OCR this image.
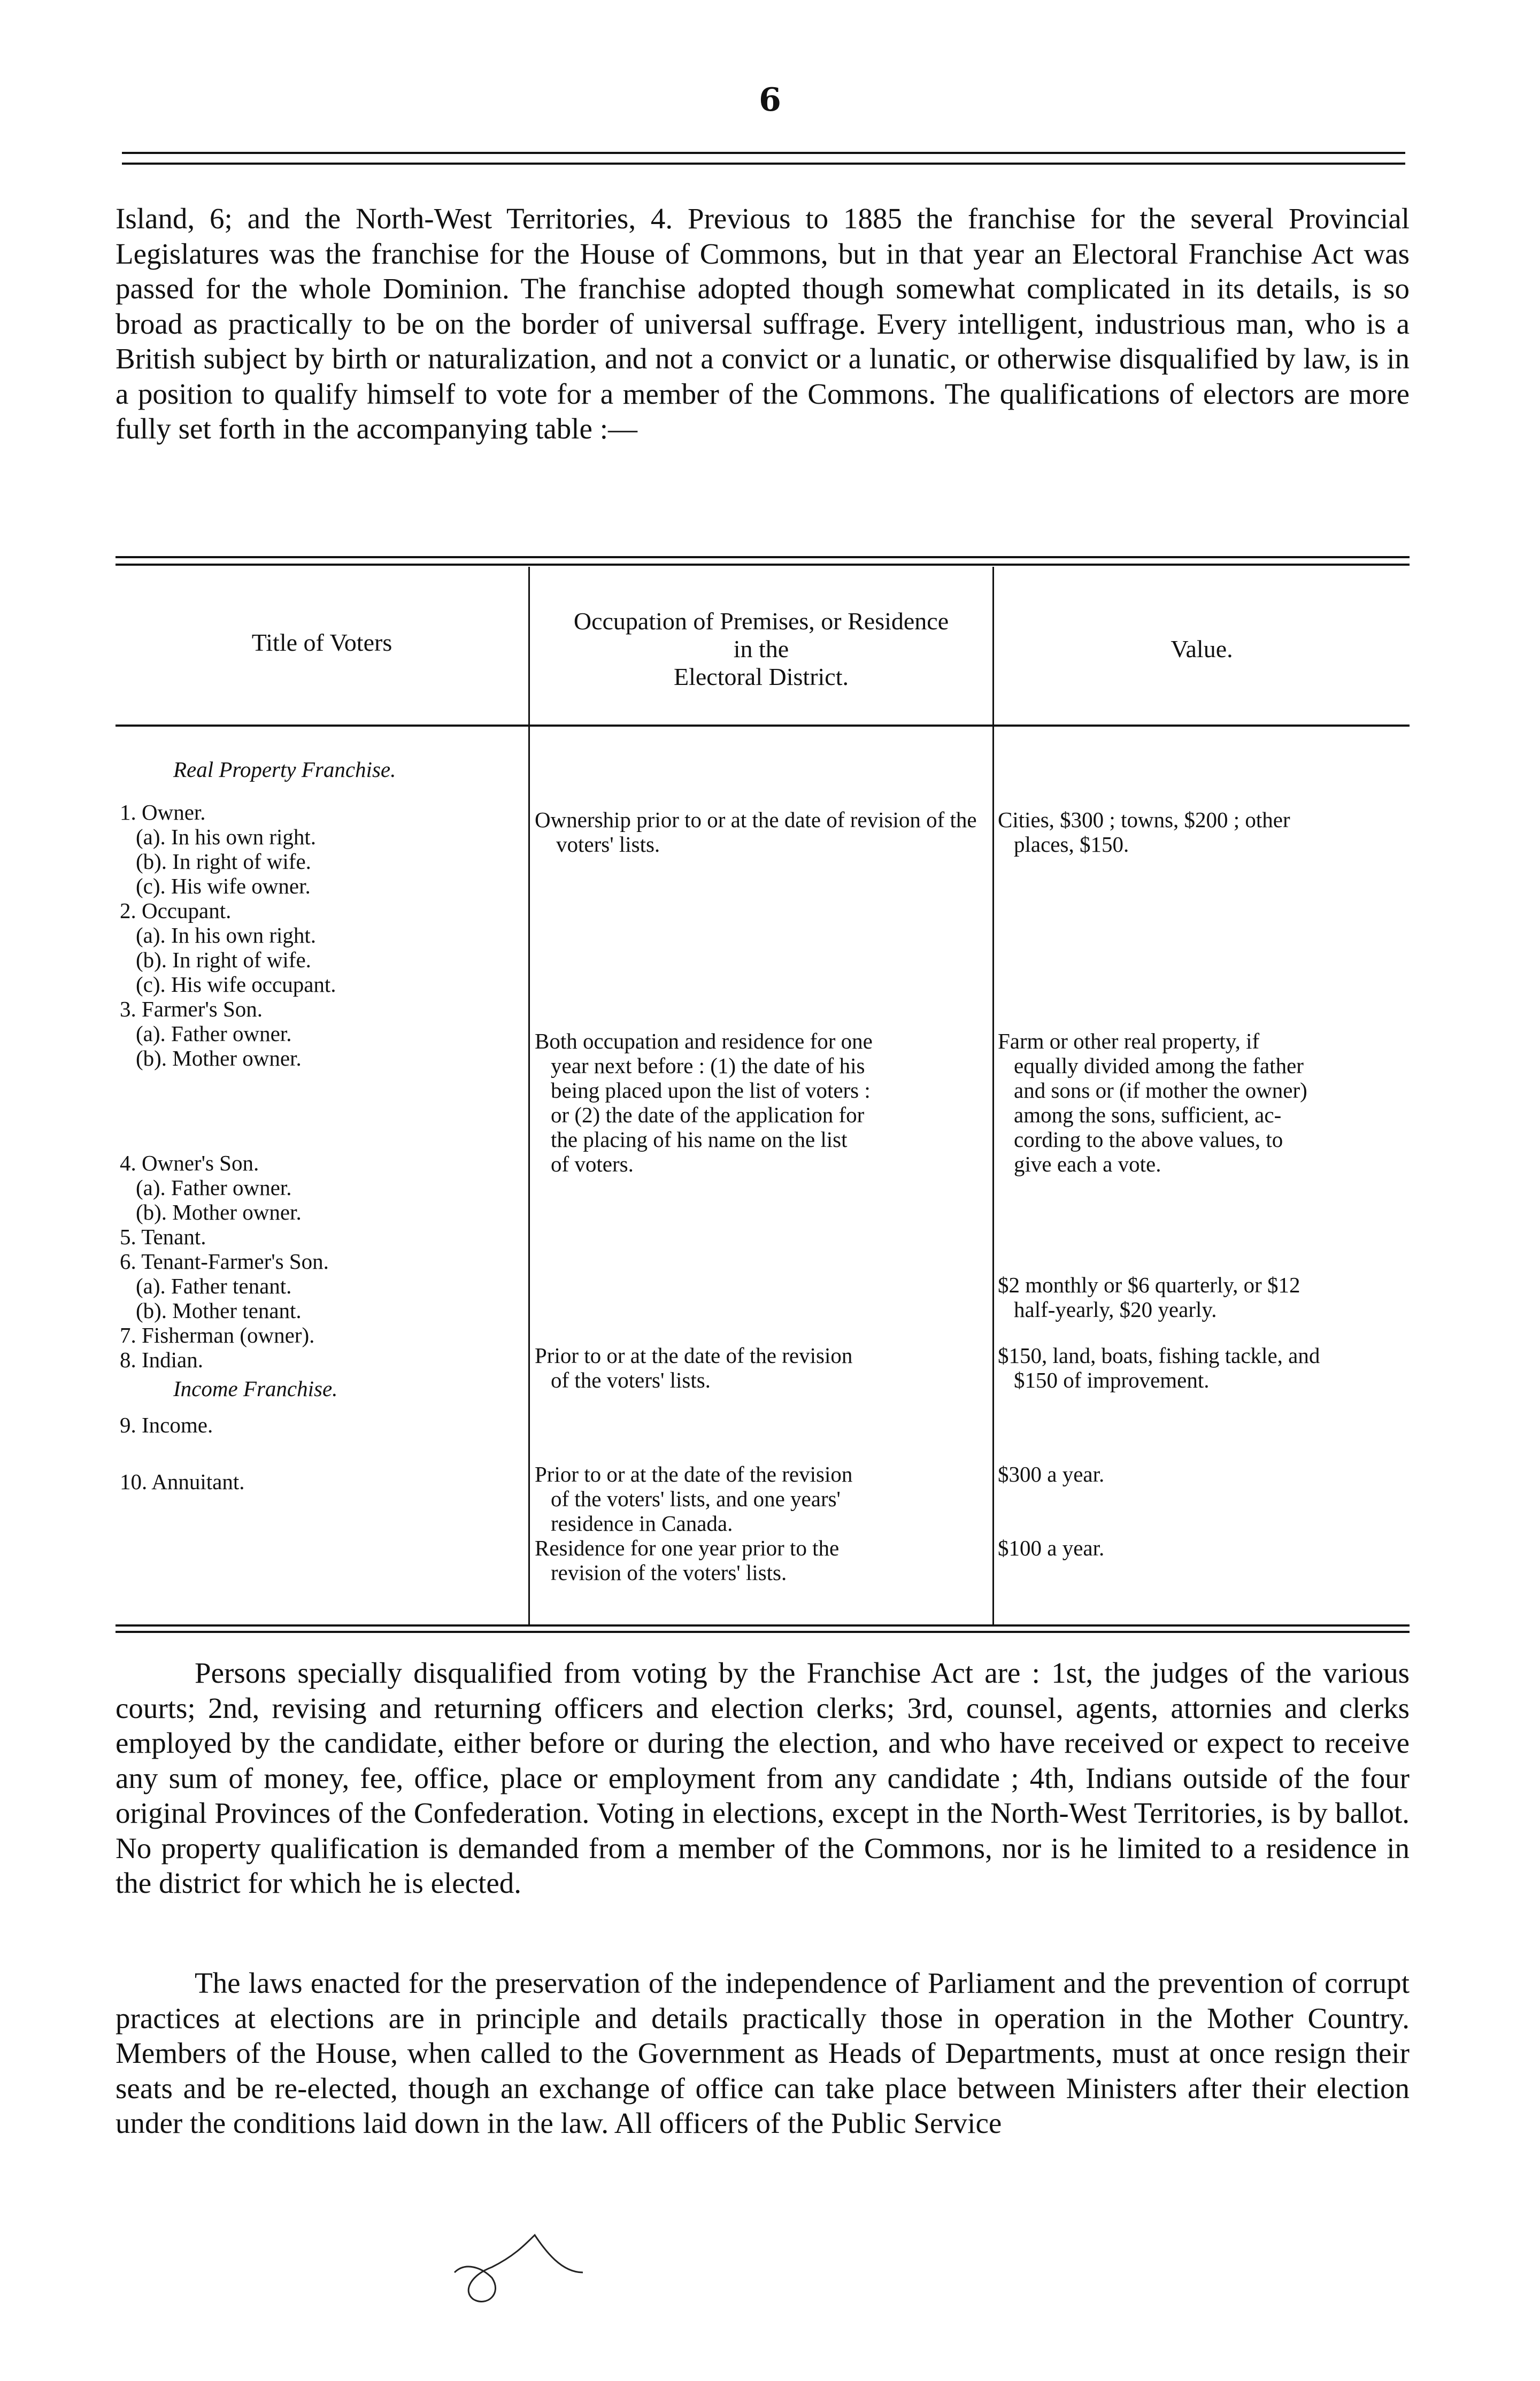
6

Island, 6; and the North-West Territories, 4. Previous to 1885 the franchise for the several Provincial Legislatures was the franchise for the House of Commons, but in that year an Electoral Franchise Act was passed for the whole Dominion. The franchise adopted though somewhat complicated in its details, is so broad as practically to be on the border of universal suffrage. Every intelligent, industrious man, who is a British subject by birth or naturalization, and not a convict or a lunatic, or otherwise disqualified by law, is in a position to qualify himself to vote for a member of the Commons. The qualifications of electors are more fully set forth in the accompanying table :—

Title of Voters
Occupation of Premises, or Residence
in the
Electoral District.
Value.
Real Property Franchise.
1. Owner.
(a). In his own right.
(b). In right of wife.
(c). His wife owner.
2. Occupant.
(a). In his own right.
(b). In right of wife.
(c). His wife occupant.
3. Farmer's Son.
(a). Father owner.
(b). Mother owner.
4. Owner's Son.
(a). Father owner.
(b). Mother owner.
5. Tenant.
6. Tenant-Farmer's Son.
(a). Father tenant.
(b). Mother tenant.
7. Fisherman (owner).
8. Indian.
Income Franchise.
9. Income.
10. Annuitant.
Ownership prior to or at the date of revision of the voters' lists.
Both occupation and residence for one
year next before : (1) the date of his
being placed upon the list of voters :
or (2) the date of the application for
the placing of his name on the list
of voters.
Prior to or at the date of the revision
of the voters' lists.
Prior to or at the date of the revision
of the voters' lists, and one years'
residence in Canada.
Residence for one year prior to the
revision of the voters' lists.
Cities, $300 ; towns, $200 ; other
places, $150.
Farm or other real property, if
equally divided among the father
and sons or (if mother the owner)
among the sons, sufficient, ac-
cording to the above values, to
give each a vote.
$2 monthly or $6 quarterly, or $12
half-yearly, $20 yearly.
$150, land, boats, fishing tackle, and
$150 of improvement.
$300 a year.
$100 a year.

Persons specially disqualified from voting by the Franchise Act are : 1st, the judges of the various courts; 2nd, revising and returning officers and election clerks; 3rd, counsel, agents, attornies and clerks employed by the candidate, either before or during the election, and who have received or expect to receive any sum of money, fee, office, place or employment from any candidate ; 4th, Indians outside of the four original Provinces of the Confederation. Voting in elections, except in the North-West Territories, is by ballot. No property qualification is demanded from a member of the Commons, nor is he limited to a residence in the district for which he is elected.

The laws enacted for the preservation of the independence of Parliament and the prevention of corrupt practices at elections are in principle and details practically those in operation in the Mother Country. Members of the House, when called to the Government as Heads of Departments, must at once resign their seats and be re-elected, though an exchange of office can take place between Ministers after their election under the conditions laid down in the law. All officers of the Public Service
